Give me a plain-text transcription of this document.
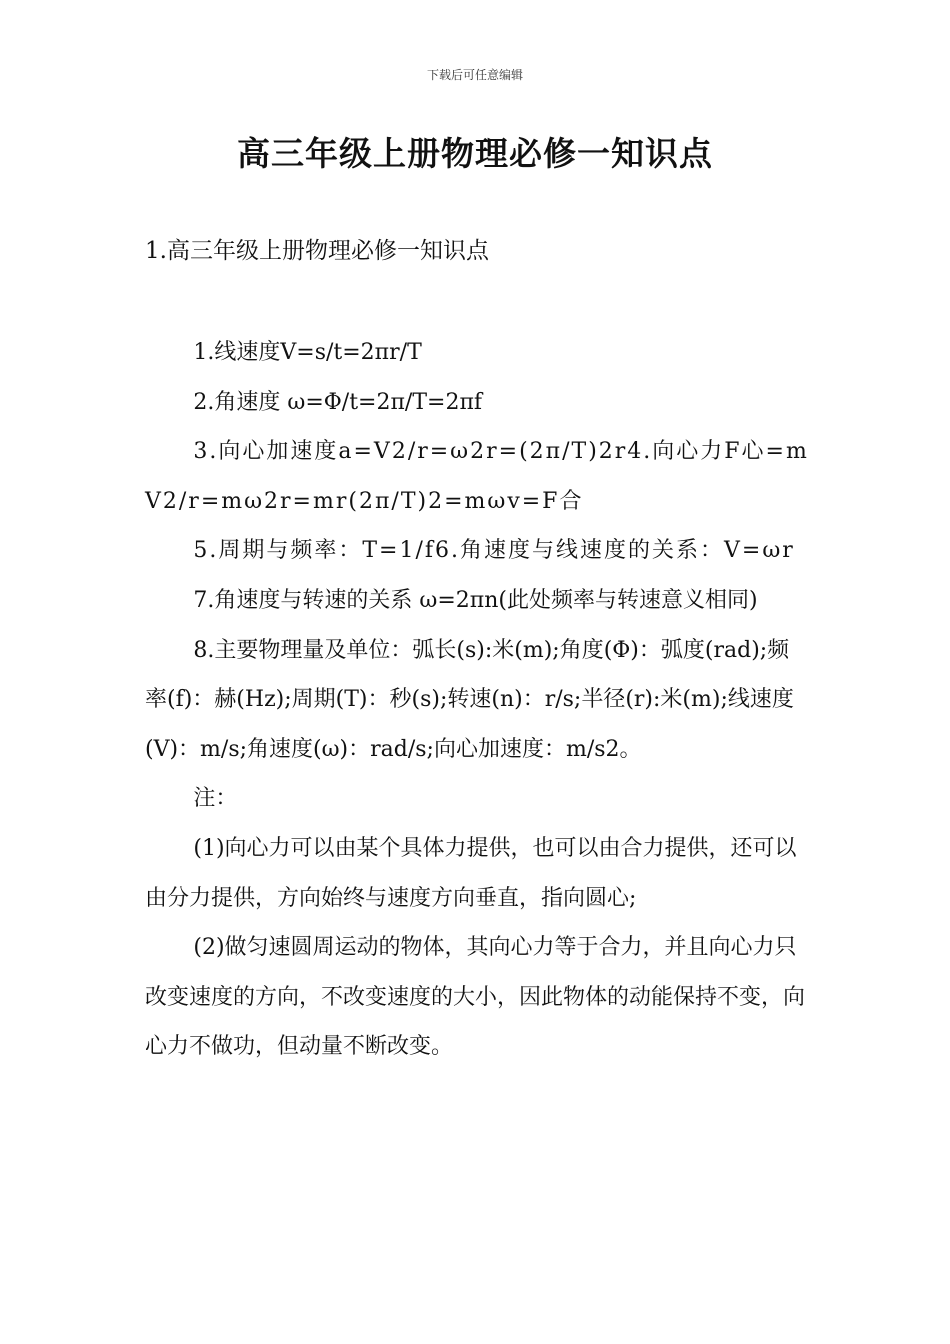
下载后可任意编辑
高三年级上册物理必修一知识点
1.高三年级上册物理必修一知识点

1.线速度V=s/t=2πr/T

2.角速度 ω=Φ/t=2π/T=2πf

3.向心加速度a=V2/r=ω2r=(2π/T)2r4.向心力F心=mV2/r=mω2r=mr(2π/T)2=mωv=F合

5.周期与频率：T=1/f6.角速度与线速度的关系：V=ωr

7.角速度与转速的关系 ω=2πn(此处频率与转速意义相同)

8.主要物理量及单位：弧长(s):米(m);角度(Φ)：弧度(rad);频率(f)：赫(Hz);周期(T)：秒(s);转速(n)：r/s;半径(r):米(m);线速度(V)：m/s;角速度(ω)：rad/s;向心加速度：m/s2。

注：

(1)向心力可以由某个具体力提供，也可以由合力提供，还可以由分力提供，方向始终与速度方向垂直，指向圆心;

(2)做匀速圆周运动的物体，其向心力等于合力，并且向心力只改变速度的方向，不改变速度的大小，因此物体的动能保持不变，向心力不做功，但动量不断改变。
